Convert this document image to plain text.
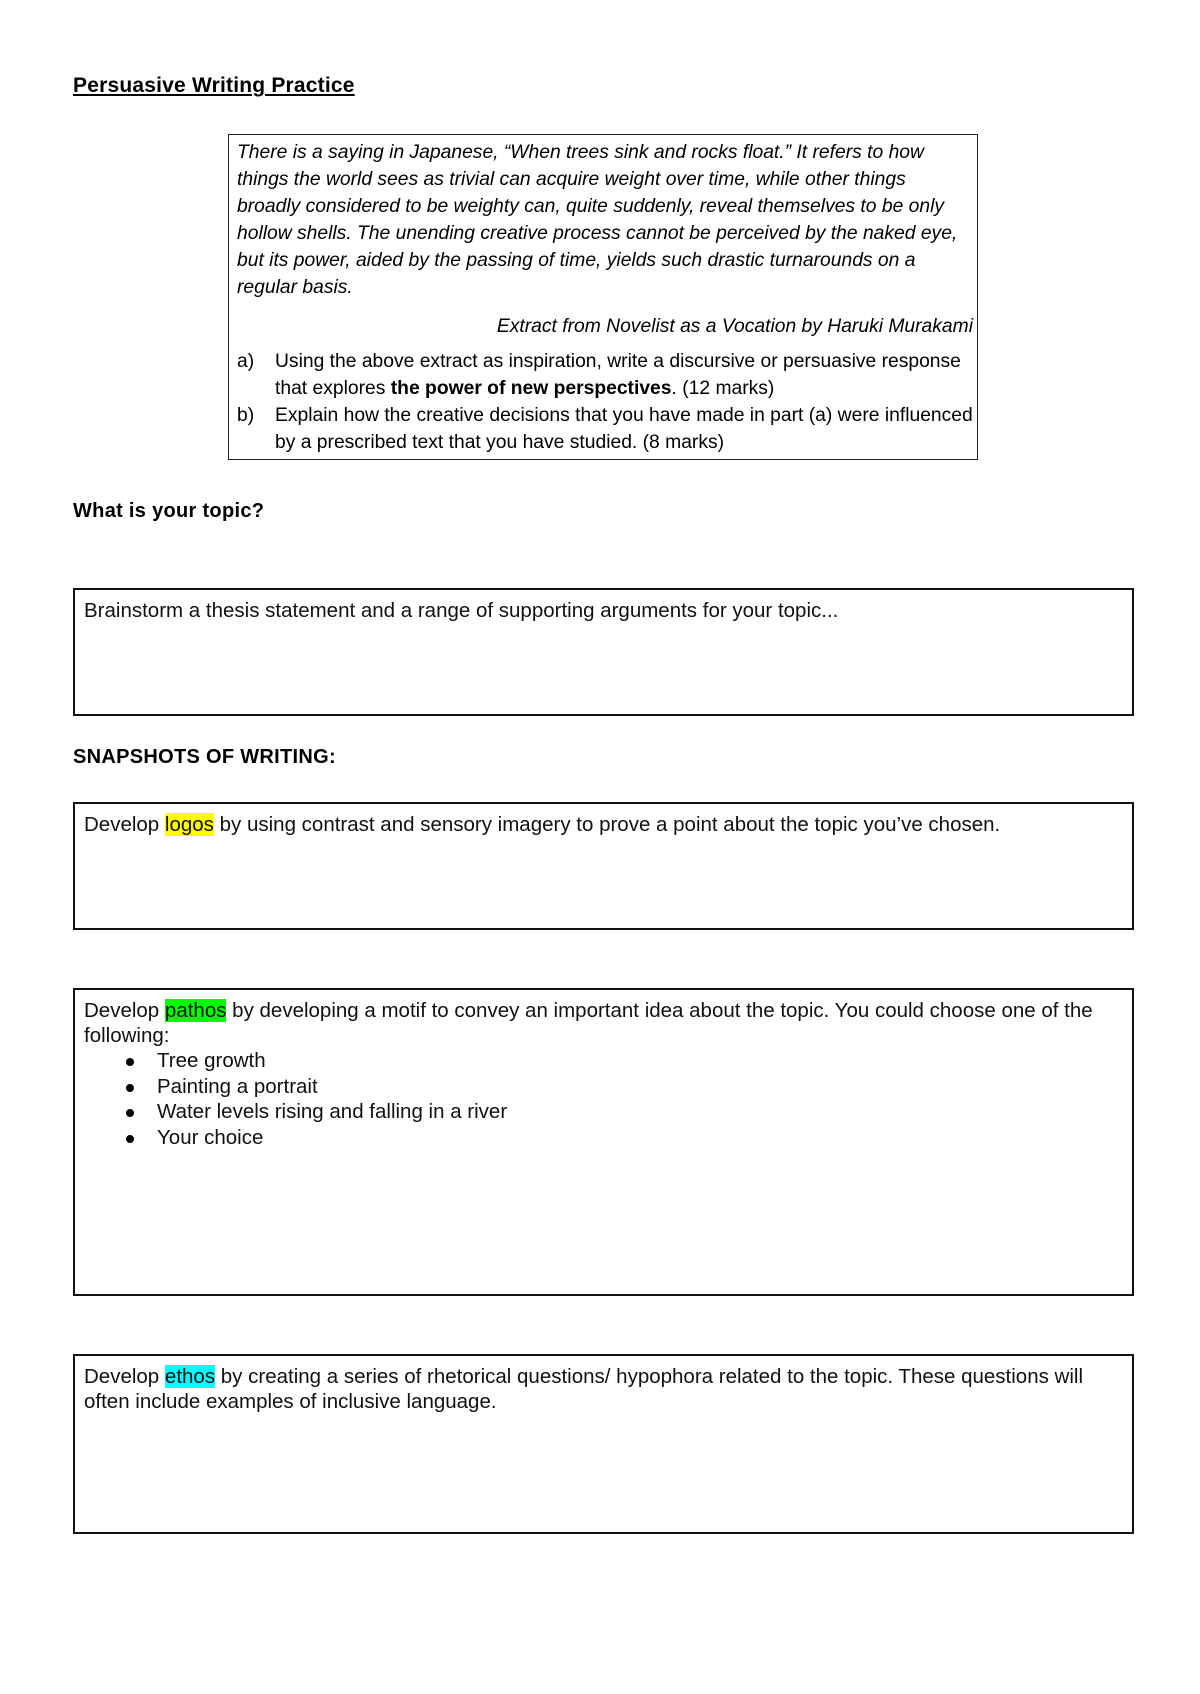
Persuasive Writing Practice

There is a saying in Japanese, “When trees sink and rocks float.” It refers to how things the world sees as trivial can acquire weight over time, while other things broadly considered to be weighty can, quite suddenly, reveal themselves to be only hollow shells. The unending creative process cannot be perceived by the naked eye, but its power, aided by the passing of time, yields such drastic turnarounds on a regular basis.

Extract from Novelist as a Vocation by Haruki Murakami
a)	Using the above extract as inspiration, write a discursive or persuasive response that explores the power of new perspectives. (12 marks)
b)	Explain how the creative decisions that you have made in part (a) were influenced by a prescribed text that you have studied. (8 marks)
What is your topic?
Brainstorm a thesis statement and a range of supporting arguments for your topic...
SNAPSHOTS OF WRITING:
Develop logos by using contrast and sensory imagery to prove a point about the topic you’ve chosen.
Develop pathos by developing a motif to convey an important idea about the topic. You could choose one of the following:
Tree growth
Painting a portrait
Water levels rising and falling in a river
Your choice
Develop ethos by creating a series of rhetorical questions/ hypophora related to the topic. These questions will often include examples of inclusive language.
